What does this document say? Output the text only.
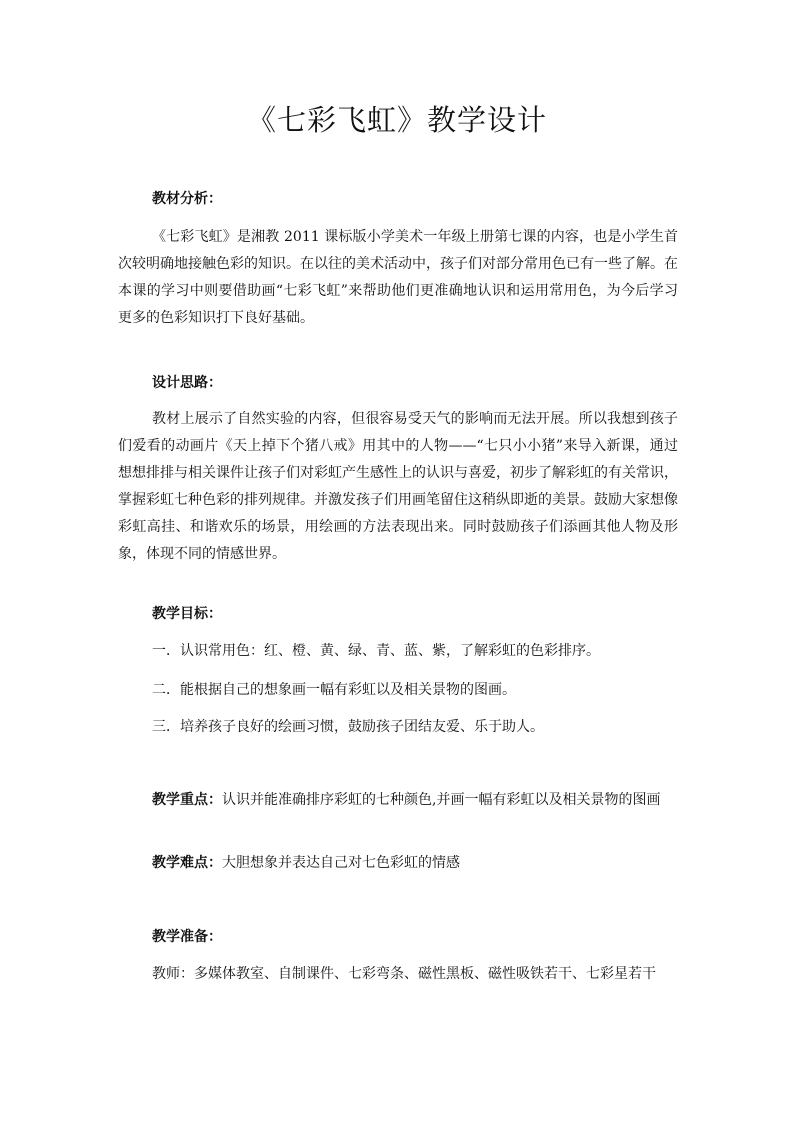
《七彩飞虹》教学设计
教材分析：

《七彩飞虹》是湘教 2011 课标版小学美术一年级上册第七课的内容，也是小学生首次较明确地接触色彩的知识。在以往的美术活动中，孩子们对部分常用色已有一些了解。在本课的学习中则要借助画“七彩飞虹”来帮助他们更准确地认识和运用常用色，为今后学习更多的色彩知识打下良好基础。

设计思路：

教材上展示了自然实验的内容，但很容易受天气的影响而无法开展。所以我想到孩子们爱看的动画片《天上掉下个猪八戒》用其中的人物——“七只小小猪”来导入新课，通过想想排排与相关课件让孩子们对彩虹产生感性上的认识与喜爱，初步了解彩虹的有关常识，掌握彩虹七种色彩的排列规律。并激发孩子们用画笔留住这稍纵即逝的美景。鼓励大家想像彩虹高挂、和谐欢乐的场景，用绘画的方法表现出来。同时鼓励孩子们添画其他人物及形象，体现不同的情感世界。

教学目标：
一．认识常用色：红、橙、黄、绿、青、蓝、紫，了解彩虹的色彩排序。
二．能根据自己的想象画一幅有彩虹以及相关景物的图画。
三．培养孩子良好的绘画习惯，鼓励孩子团结友爱、乐于助人。

教学重点：认识并能准确排序彩虹的七种颜色,并画一幅有彩虹以及相关景物的图画

教学难点：大胆想象并表达自己对七色彩虹的情感

教学准备：

教师：多媒体教室、自制课件、七彩弯条、磁性黑板、磁性吸铁若干、七彩星若干
